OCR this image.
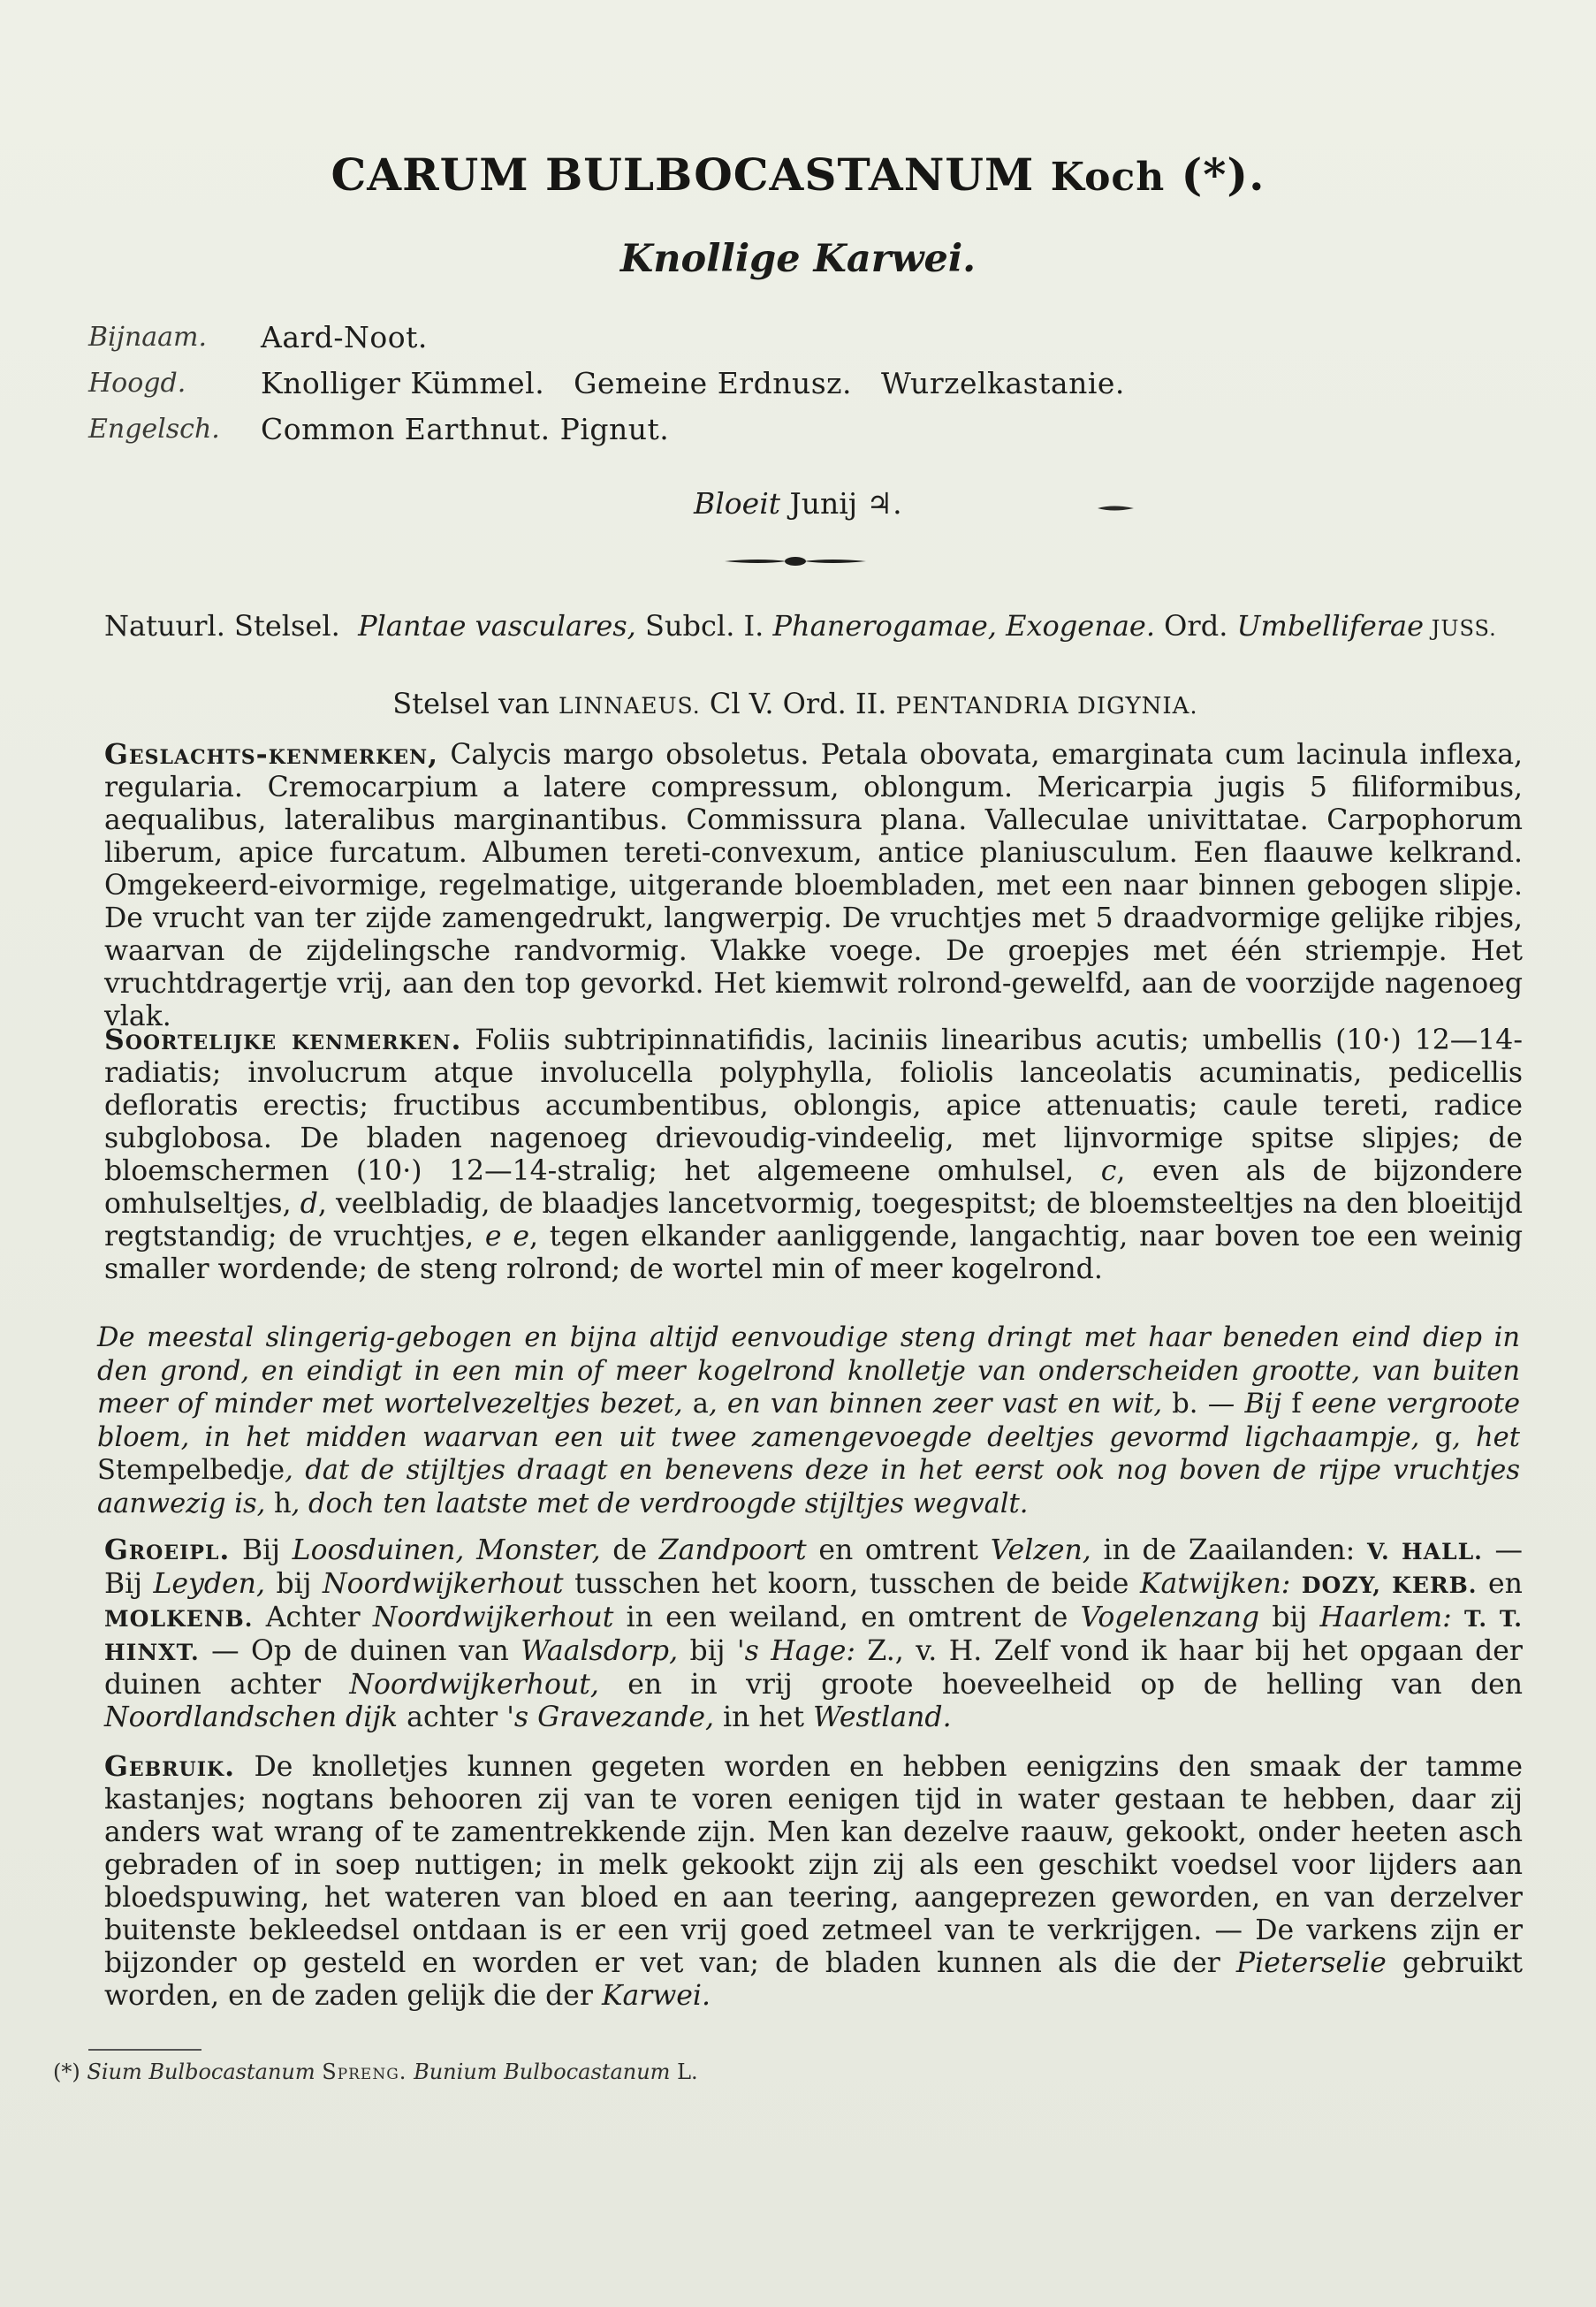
CARUM BULBOCASTANUM Koch (*).
Knollige Karwei.
Bijnaam.	Aard-Noot.
Hoogd.	Knolliger Kümmel.   Gemeine Erdnusz.   Wurzelkastanie.
Engelsch.	Common Earthnut. Pignut.
Bloeit Junij ♃.
Natuurl. Stelsel. Plantae vasculares, Subcl. I. Phanerogamae, Exogenae. Ord. Umbelliferae JUSS.
Stelsel van LINNAEUS. Cl V. Ord. II. PENTANDRIA DIGYNIA.
Geslachts-kenmerken, Calycis margo obsoletus. Petala obovata, emarginata cum lacinula inflexa, regularia. Cremocarpium a latere compressum, oblongum. Mericarpia jugis 5 filiformibus, aequalibus, lateralibus marginantibus. Commissura plana. Valleculae univittatae. Carpophorum liberum, apice furcatum. Albumen tereti-convexum, antice planiusculum. Een flaauwe kelkrand. Omgekeerd-eivormige, regelmatige, uitgerande bloembladen, met een naar binnen gebogen slipje. De vrucht van ter zijde zamengedrukt, langwerpig. De vruchtjes met 5 draadvormige gelijke ribjes, waarvan de zijdelingsche randvormig. Vlakke voege. De groepjes met één striempje. Het vruchtdragertje vrij, aan den top gevorkd. Het kiemwit rolrond-gewelfd, aan de voorzijde nagenoeg vlak.
Soortelijke kenmerken. Foliis subtripinnatifidis, laciniis linearibus acutis; umbellis (10·) 12—14-radiatis; involucrum atque involucella polyphylla, foliolis lanceolatis acuminatis, pedicellis defloratis erectis; fructibus accumbentibus, oblongis, apice attenuatis; caule tereti, radice subglobosa. De bladen nagenoeg drievoudig-vindeelig, met lijnvormige spitse slipjes; de bloemschermen (10·) 12—14-stralig; het algemeene omhulsel, c, even als de bijzondere omhulseltjes, d, veelbladig, de blaadjes lancetvormig, toegespitst; de bloemsteeltjes na den bloeitijd regtstandig; de vruchtjes, e e, tegen elkander aanliggende, langachtig, naar boven toe een weinig smaller wordende; de steng rolrond; de wortel min of meer kogelrond.
De meestal slingerig-gebogen en bijna altijd eenvoudige steng dringt met haar beneden eind diep in den grond, en eindigt in een min of meer kogelrond knolletje van onderscheiden grootte, van buiten meer of minder met wortelvezeltjes bezet, a, en van binnen zeer vast en wit, b. — Bij f eene vergroote bloem, in het midden waarvan een uit twee zamengevoegde deeltjes gevormd ligchaampje, g, het Stempelbedje, dat de stijltjes draagt en benevens deze in het eerst ook nog boven de rijpe vruchtjes aanwezig is, h, doch ten laatste met de verdroogde stijltjes wegvalt.
Groeipl. Bij Loosduinen, Monster, de Zandpoort en omtrent Velzen, in de Zaailanden: V. HALL. — Bij Leyden, bij Noordwijkerhout tusschen het koorn, tusschen de beide Katwijken: DOZY, KERB. en MOLKENB. Achter Noordwijkerhout in een weiland, en omtrent de Vogelenzang bij Haarlem: T. T. HINXT. — Op de duinen van Waalsdorp, bij 's Hage: Z., v. H. Zelf vond ik haar bij het opgaan der duinen achter Noordwijkerhout, en in vrij groote hoeveelheid op de helling van den Noordlandschen dijk achter 's Gravezande, in het Westland.
Gebruik. De knolletjes kunnen gegeten worden en hebben eenigzins den smaak der tamme kastanjes; nogtans behooren zij van te voren eenigen tijd in water gestaan te hebben, daar zij anders wat wrang of te zamentrekkende zijn. Men kan dezelve raauw, gekookt, onder heeten asch gebraden of in soep nuttigen; in melk gekookt zijn zij als een geschikt voedsel voor lijders aan bloedspuwing, het wateren van bloed en aan teering, aangeprezen geworden, en van derzelver buitenste bekleedsel ontdaan is er een vrij goed zetmeel van te verkrijgen. — De varkens zijn er bijzonder op gesteld en worden er vet van; de bladen kunnen als die der Pieterselie gebruikt worden, en de zaden gelijk die der Karwei.
(*) Sium Bulbocastanum Spreng. Bunium Bulbocastanum L.
